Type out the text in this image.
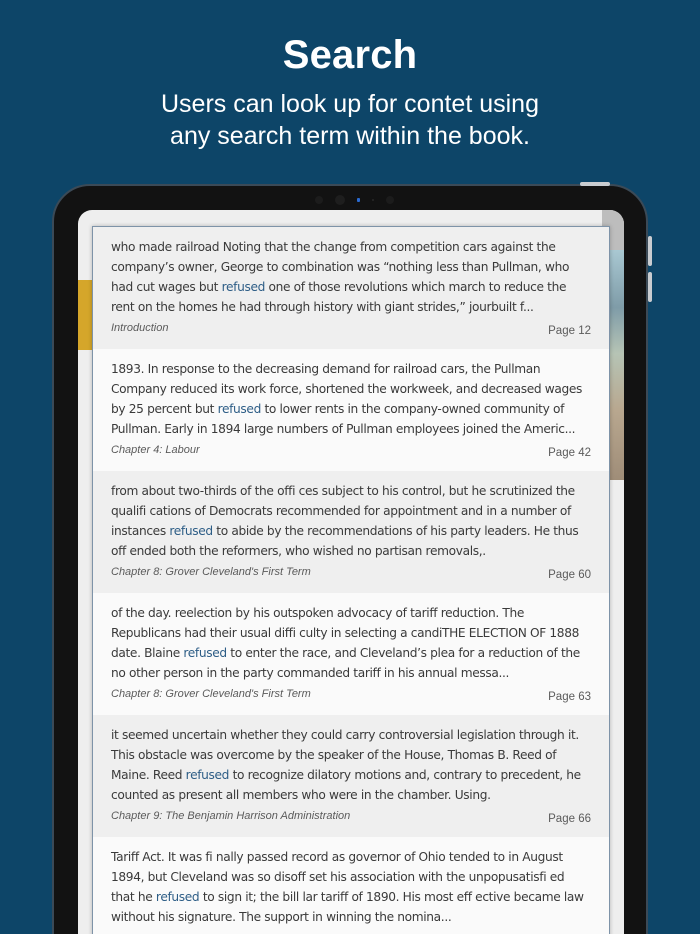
Search
Users can look up for contet using
any search term within the book.

who made railroad Noting that the change from competition cars against the company’s owner, George to combination was “nothing less than Pullman, who had cut wages but refused one of those revolutions which march to reduce the rent on the homes he had through history with giant strides,” jourbuilt f...

Introduction	Page 12

1893. In response to the decreasing demand for railroad cars, the Pullman Company reduced its work force, shortened the workweek, and decreased wages by 25 percent but refused to lower rents in the company-owned community of Pullman. Early in 1894 large numbers of Pullman employees joined the Americ...

Chapter 4: Labour	Page 42

from about two-thirds of the offi ces subject to his control, but he scrutinized the qualifi cations of Democrats recommended for appointment and in a number of instances refused to abide by the recommendations of his party leaders. He thus off ended both the reformers, who wished no partisan removals,.

Chapter 8: Grover Cleveland's First Term	Page 60

of the day. reelection by his outspoken advocacy of tariff reduction. The Republicans had their usual diffi culty in selecting a candiTHE ELECTION OF 1888 date. Blaine refused to enter the race, and Cleveland’s plea for a reduction of the no other person in the party commanded tariff in his annual messa...

Chapter 8: Grover Cleveland's First Term	Page 63

it seemed uncertain whether they could carry controversial legislation through it. This obstacle was overcome by the speaker of the House, Thomas B. Reed of Maine. Reed refused to recognize dilatory motions and, contrary to precedent, he counted as present all members who were in the chamber. Using.

Chapter 9: The Benjamin Harrison Administration	Page 66

Tariff Act. It was fi nally passed record as governor of Ohio tended to in August 1894, but Cleveland was so disoff set his association with the unpopusatisfi ed that he refused to sign it; the bill lar tariff of 1890. His most eff ective became law without his signature. The support in winning the nomina...
